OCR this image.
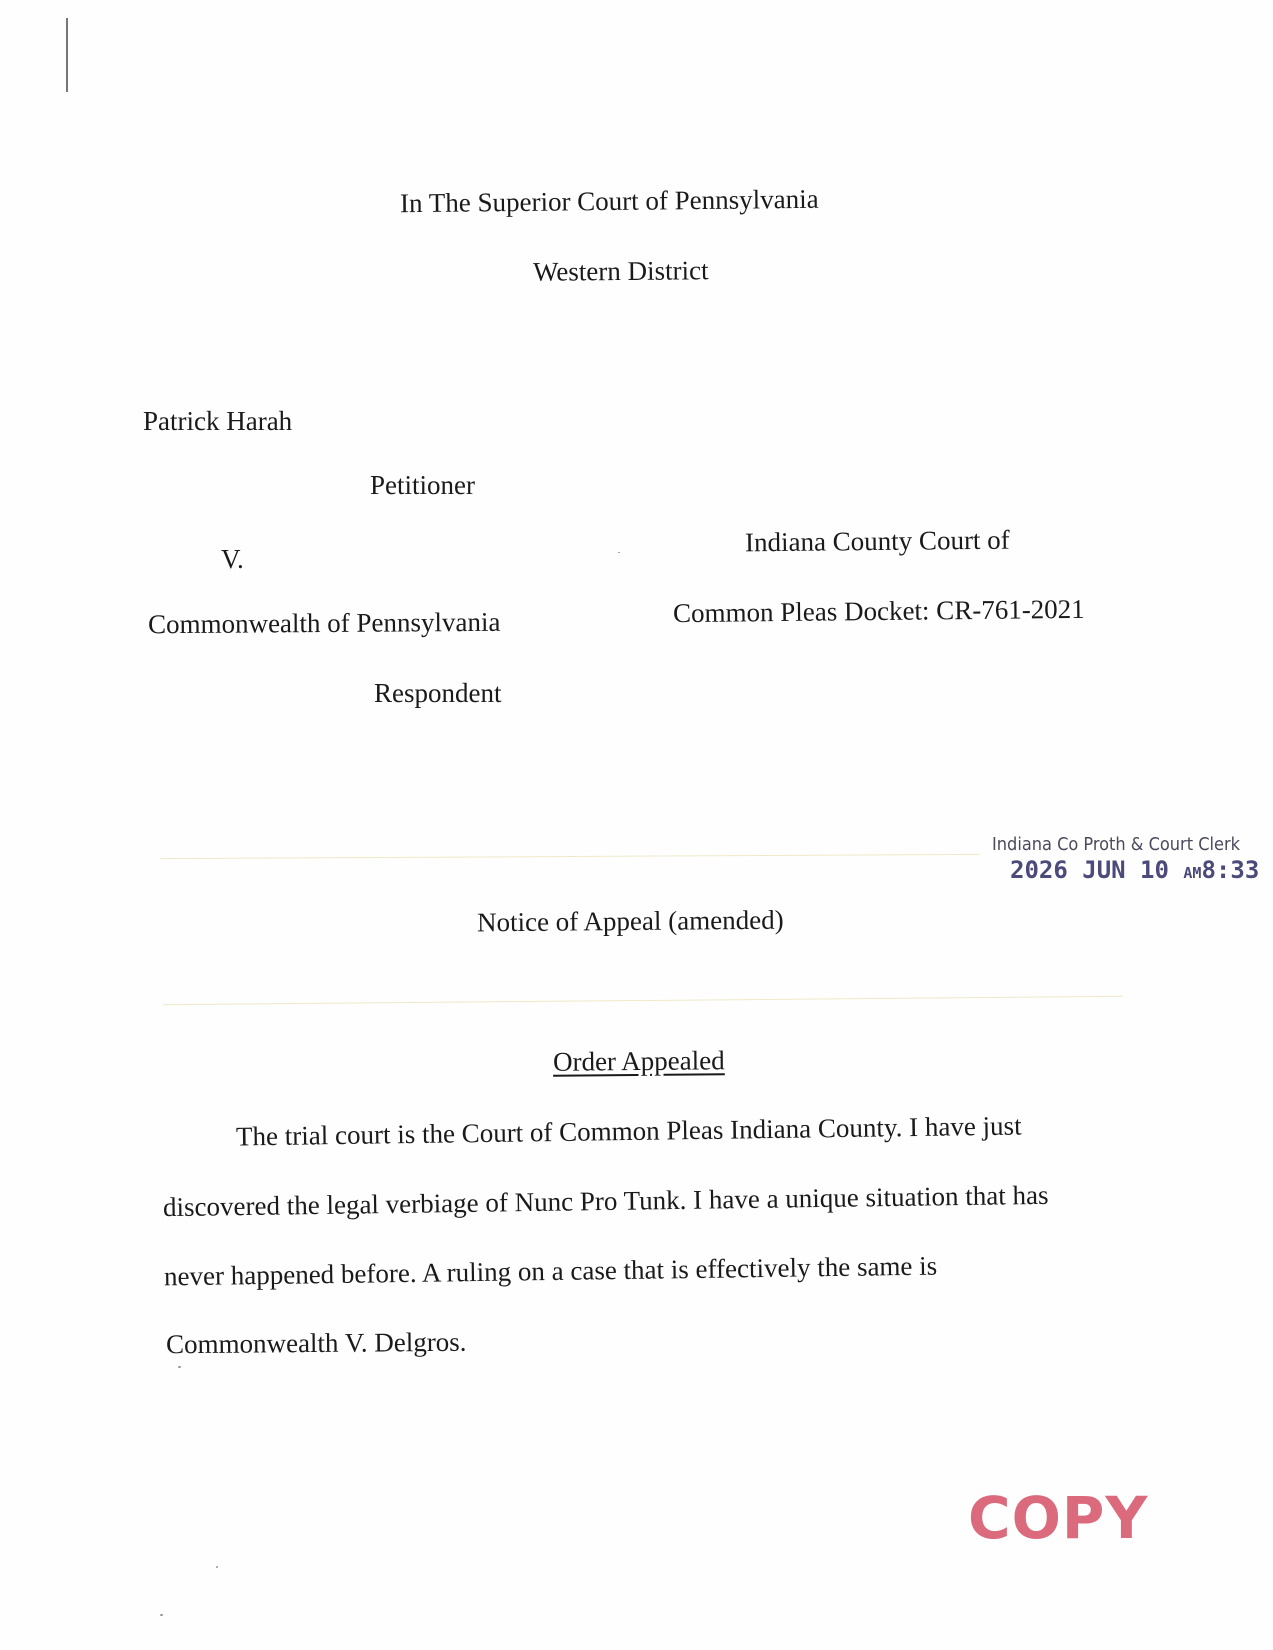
In The Superior Court of Pennsylvania
Western District
Patrick Harah
Petitioner
V.
Commonwealth of Pennsylvania
Respondent
Indiana County Court of
Common Pleas Docket: CR-761-2021
Indiana Co Proth & Court Clerk
2026 JUN 10 AM8:33
Notice of Appeal (amended)
Order Appealed
The trial court is the Court of Common Pleas Indiana County. I have just
discovered the legal verbiage of Nunc Pro Tunk. I have a unique situation that has
never happened before. A ruling on a case that is effectively the same is
Commonwealth V. Delgros.
COPY
